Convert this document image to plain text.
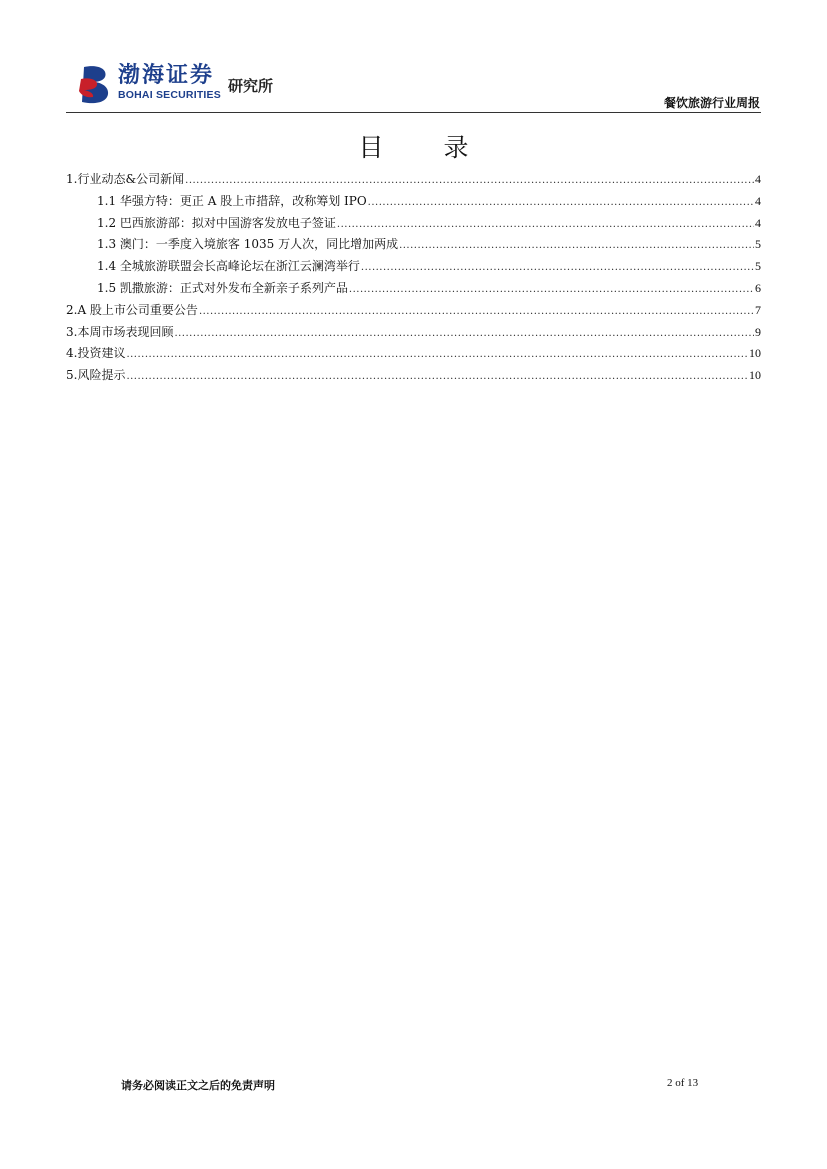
渤海证券
BOHAI SECURITIES 研究所
餐饮旅游行业周报
目 录
1.行业动态&公司新闻 .....	4
1.1 华强方特：更正 A 股上市措辞，改称筹划 IPO .....	4
1.2 巴西旅游部：拟对中国游客发放电子签证 .....	4
1.3 澳门：一季度入境旅客 1035 万人次，同比增加两成 .....	5
1.4 全城旅游联盟会长高峰论坛在浙江云澜湾举行 .....	5
1.5 凯撒旅游：正式对外发布全新亲子系列产品 .....	6
2.A 股上市公司重要公告 .....	7
3.本周市场表现回顾 .....	9
4.投资建议 .....	10
5.风险提示 .....	10
请务必阅读正文之后的免责声明	2 of 13
